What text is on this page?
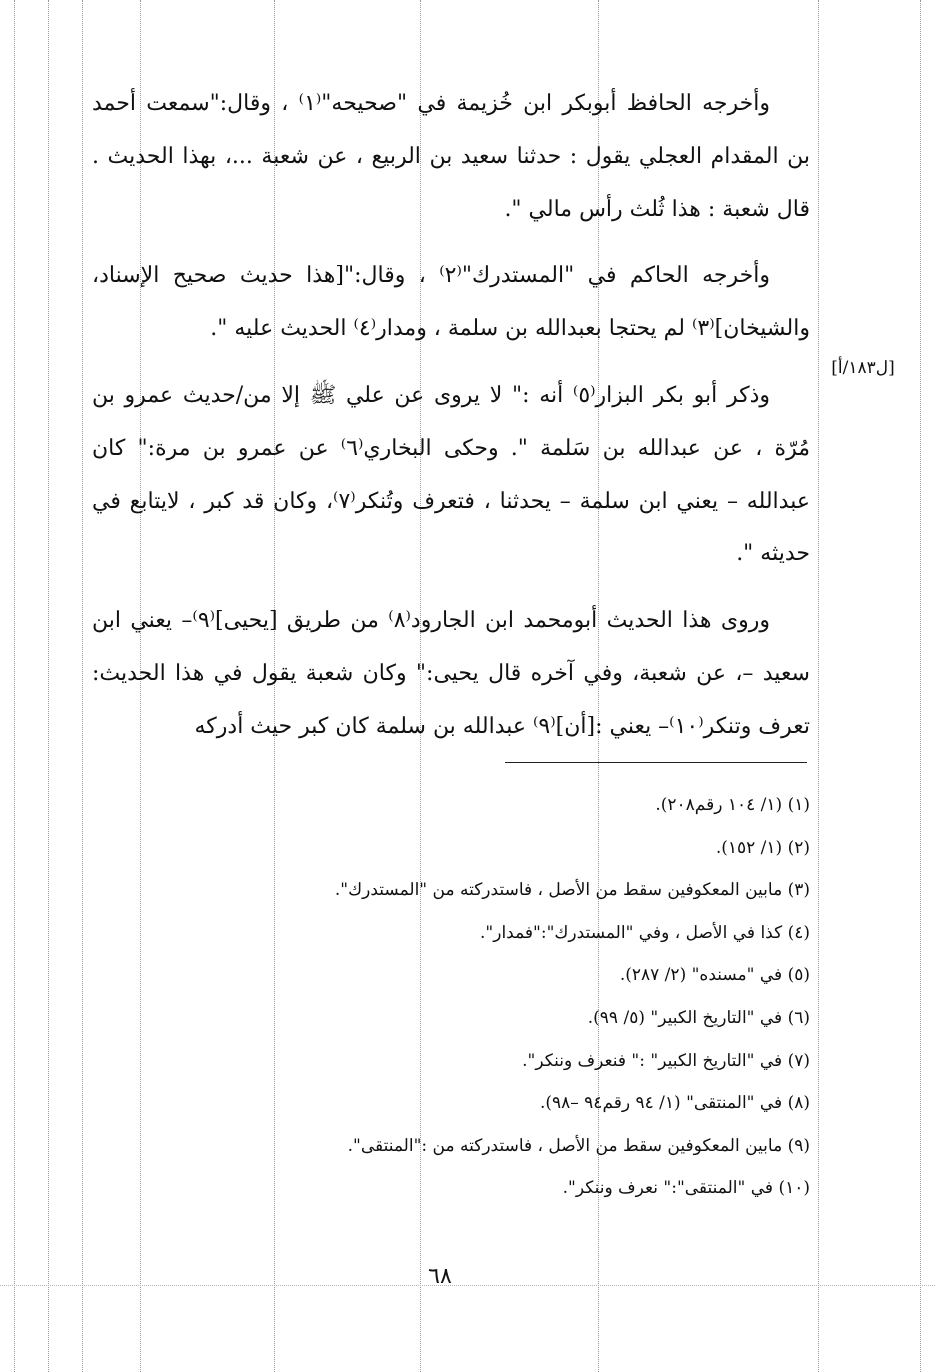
[ل١٨٣/أ]

وأخرجه الحافظ أبوبكر ابن خُزيمة في "صحيحه"⁽١⁾ ، وقال:"سمعت أحمد بن المقدام العجلي يقول : حدثنا سعيد بن الربيع ، عن شعبة ...، بهذا الحديث . قال شعبة : هذا ثُلث رأس مالي ".

وأخرجه الحاكم في "المستدرك"⁽٢⁾ ، وقال:"[هذا حديث صحيح الإسناد، والشيخان]⁽٣⁾ لم يحتجا بعبدالله بن سلمة ، ومدار⁽٤⁾ الحديث عليه ".

وذكر أبو بكر البزار⁽٥⁾ أنه :" لا يروى عن علي ﷺ إلا من/حديث عمرو بن مُرّة ، عن عبدالله بن سَلمة ". وحكى البخاري⁽٦⁾ عن عمرو بن مرة:" كان عبدالله – يعني ابن سلمة – يحدثنا ، فتعرف وتُنكر⁽٧⁾، وكان قد كبر ، لايتابع في حديثه ".

وروى هذا الحديث أبومحمد ابن الجارود⁽٨⁾ من طريق [يحيى]⁽٩⁾– يعني ابن سعيد –، عن شعبة، وفي آخره قال يحيى:" وكان شعبة يقول في هذا الحديث: تعرف وتنكر⁽١٠⁾– يعني :[أن]⁽٩⁾ عبدالله بن سلمة كان كبر حيث أدركه

(١) (١/ ١٠٤ رقم٢٠٨).
(٢) (١/ ١٥٢).
(٣) مابين المعكوفين سقط من الأصل ، فاستدركته من "المستدرك".
(٤) كذا في الأصل ، وفي "المستدرك":"فمدار".
(٥) في "مسنده" (٢/ ٢٨٧).
(٦) في "التاريخ الكبير" (٥/ ٩٩).
(٧) في "التاريخ الكبير" :" فنعرف وننكر".
(٨) في "المنتقى" (١/ ٩٤ رقم٩٤ –٩٨).
(٩) مابين المعكوفين سقط من الأصل ، فاستدركته من :"المنتقى".
(١٠) في "المنتقى":" نعرف وننكر".
٦٨
